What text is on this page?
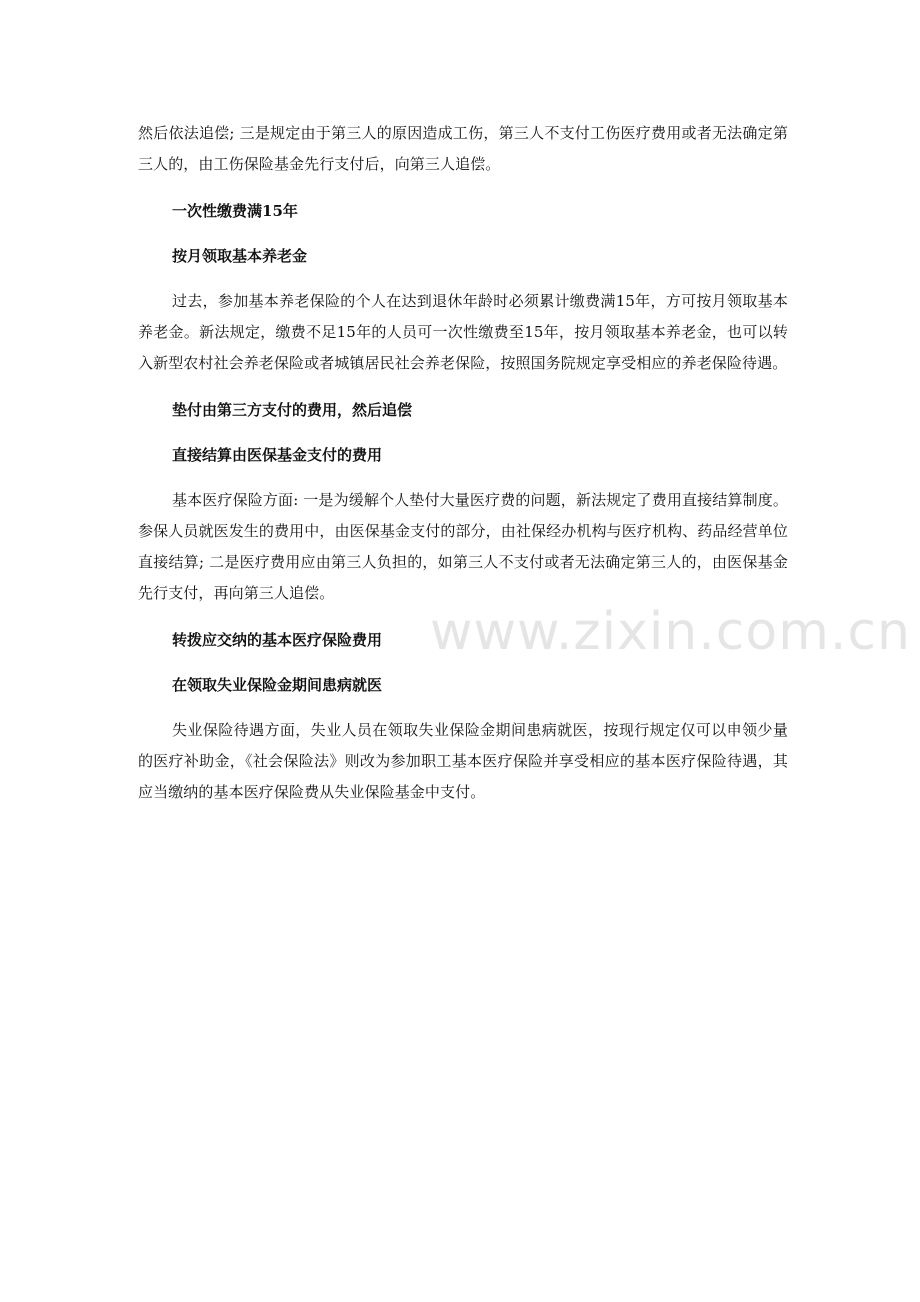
然后依法追偿; 三是规定由于第三人的原因造成工伤，第三人不支付工伤医疗费用或者无法确定第三人的，由工伤保险基金先行支付后，向第三人追偿。

一次性缴费满15年

按月领取基本养老金

过去，参加基本养老保险的个人在达到退休年龄时必须累计缴费满15年，方可按月领取基本养老金。新法规定，缴费不足15年的人员可一次性缴费至15年，按月领取基本养老金，也可以转入新型农村社会养老保险或者城镇居民社会养老保险，按照国务院规定享受相应的养老保险待遇。

垫付由第三方支付的费用，然后追偿

直接结算由医保基金支付的费用

基本医疗保险方面: 一是为缓解个人垫付大量医疗费的问题，新法规定了费用直接结算制度。参保人员就医发生的费用中，由医保基金支付的部分，由社保经办机构与医疗机构、药品经营单位直接结算; 二是医疗费用应由第三人负担的，如第三人不支付或者无法确定第三人的，由医保基金先行支付，再向第三人追偿。

转拨应交纳的基本医疗保险费用

在领取失业保险金期间患病就医

失业保险待遇方面，失业人员在领取失业保险金期间患病就医，按现行规定仅可以申领少量的医疗补助金，《社会保险法》则改为参加职工基本医疗保险并享受相应的基本医疗保险待遇，其应当缴纳的基本医疗保险费从失业保险基金中支付。

www.zixin.com.cn
